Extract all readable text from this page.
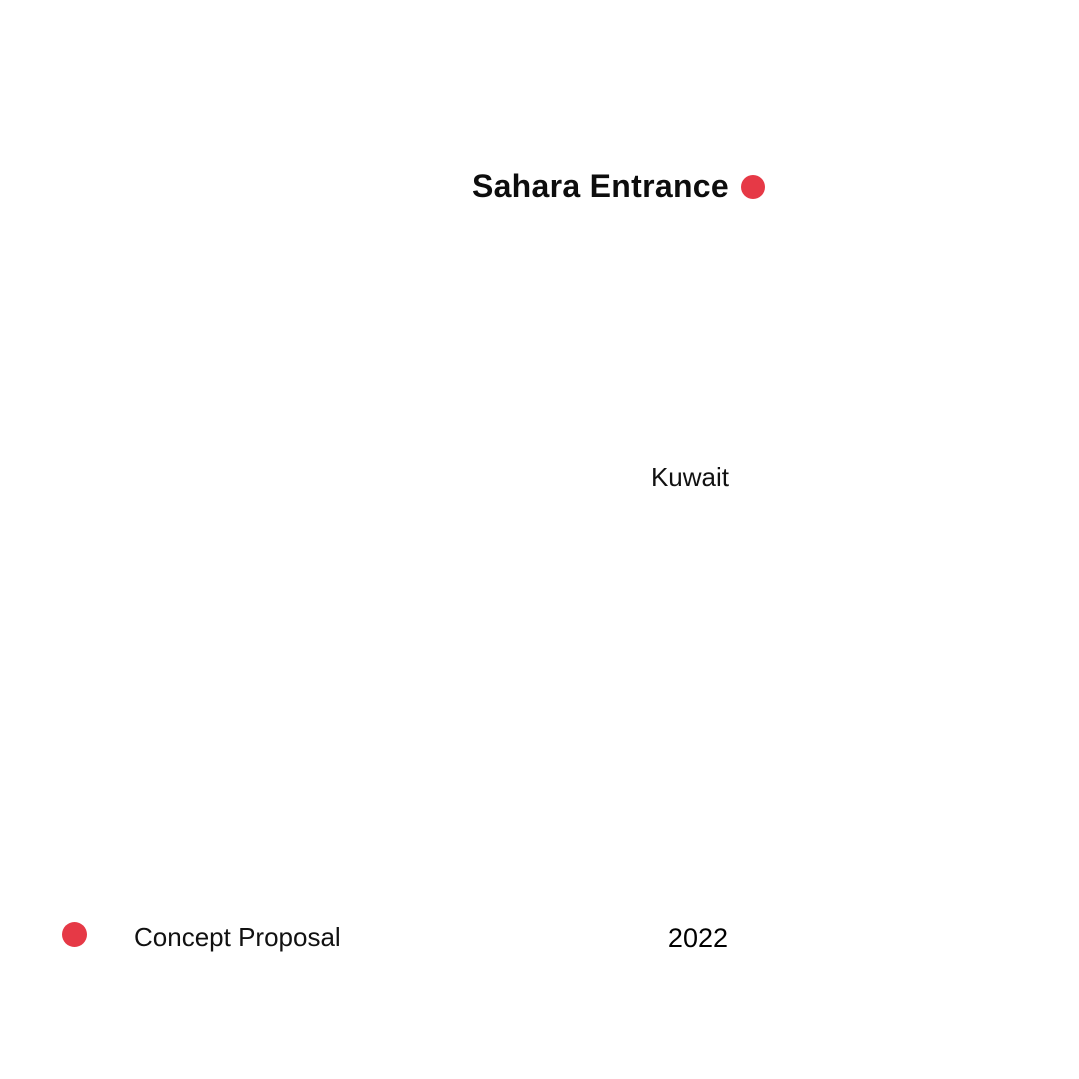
Sahara Entrance
Kuwait
Concept Proposal	2022
